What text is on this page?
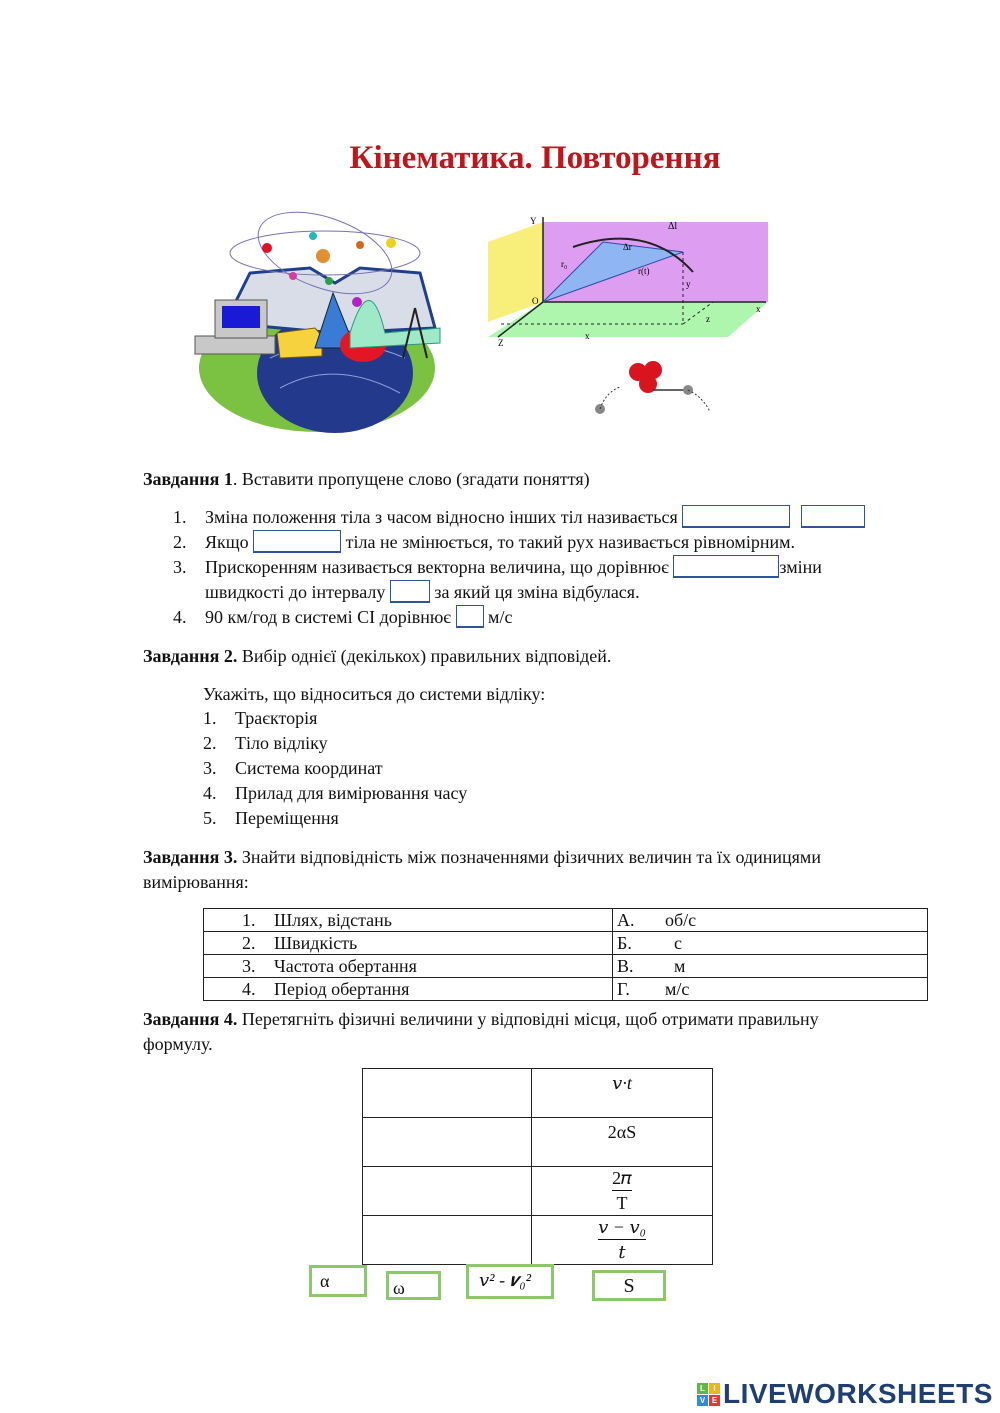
Кінематика. Повторення
Y
O
x
Z
x
y
z
Δl
Δr
r₀
r(t)
Завдання 1. Вставити пропущене слово (згадати поняття)
1. Зміна положення тіла з часом відносно інших тіл називається
2. Якщо	тіла не змінюється, то такий рух називається рівномірним.
3. Прискоренням називається векторна величина, що дорівнює	зміни
швидкості до інтервалу	за який ця зміна відбулася.
4. 90 км/год в системі СІ дорівнює м/с
Завдання 2. Вибір однієї (декількох) правильних відповідей.
Укажіть, що відноситься до системи відліку:
1. Траєкторія
2. Тіло відліку
3. Система координат
4. Прилад для вимірювання часу
5. Переміщення
Завдання 3. Знайти відповідність між позначеннями фізичних величин та їх одиницями
вимірювання:
1. Шлях, відстань	А. об/с
2. Швидкість	Б.  с
3. Частота обертання	В.  м
4. Період обертання	Г. м/с
Завдання 4. Перетягніть фізичні величини у відповідні місця, щоб отримати правильну
формулу.
	𝑣·t
	2αS

	$\frac{\text{2𝜋}}{T}$

	$\frac{\text{𝑣 − 𝑣₀}}{\text{𝑡}}$
α	ω	𝑣² - 𝒗₀²	S
L	I
V E LIVEWORKSHEETS
